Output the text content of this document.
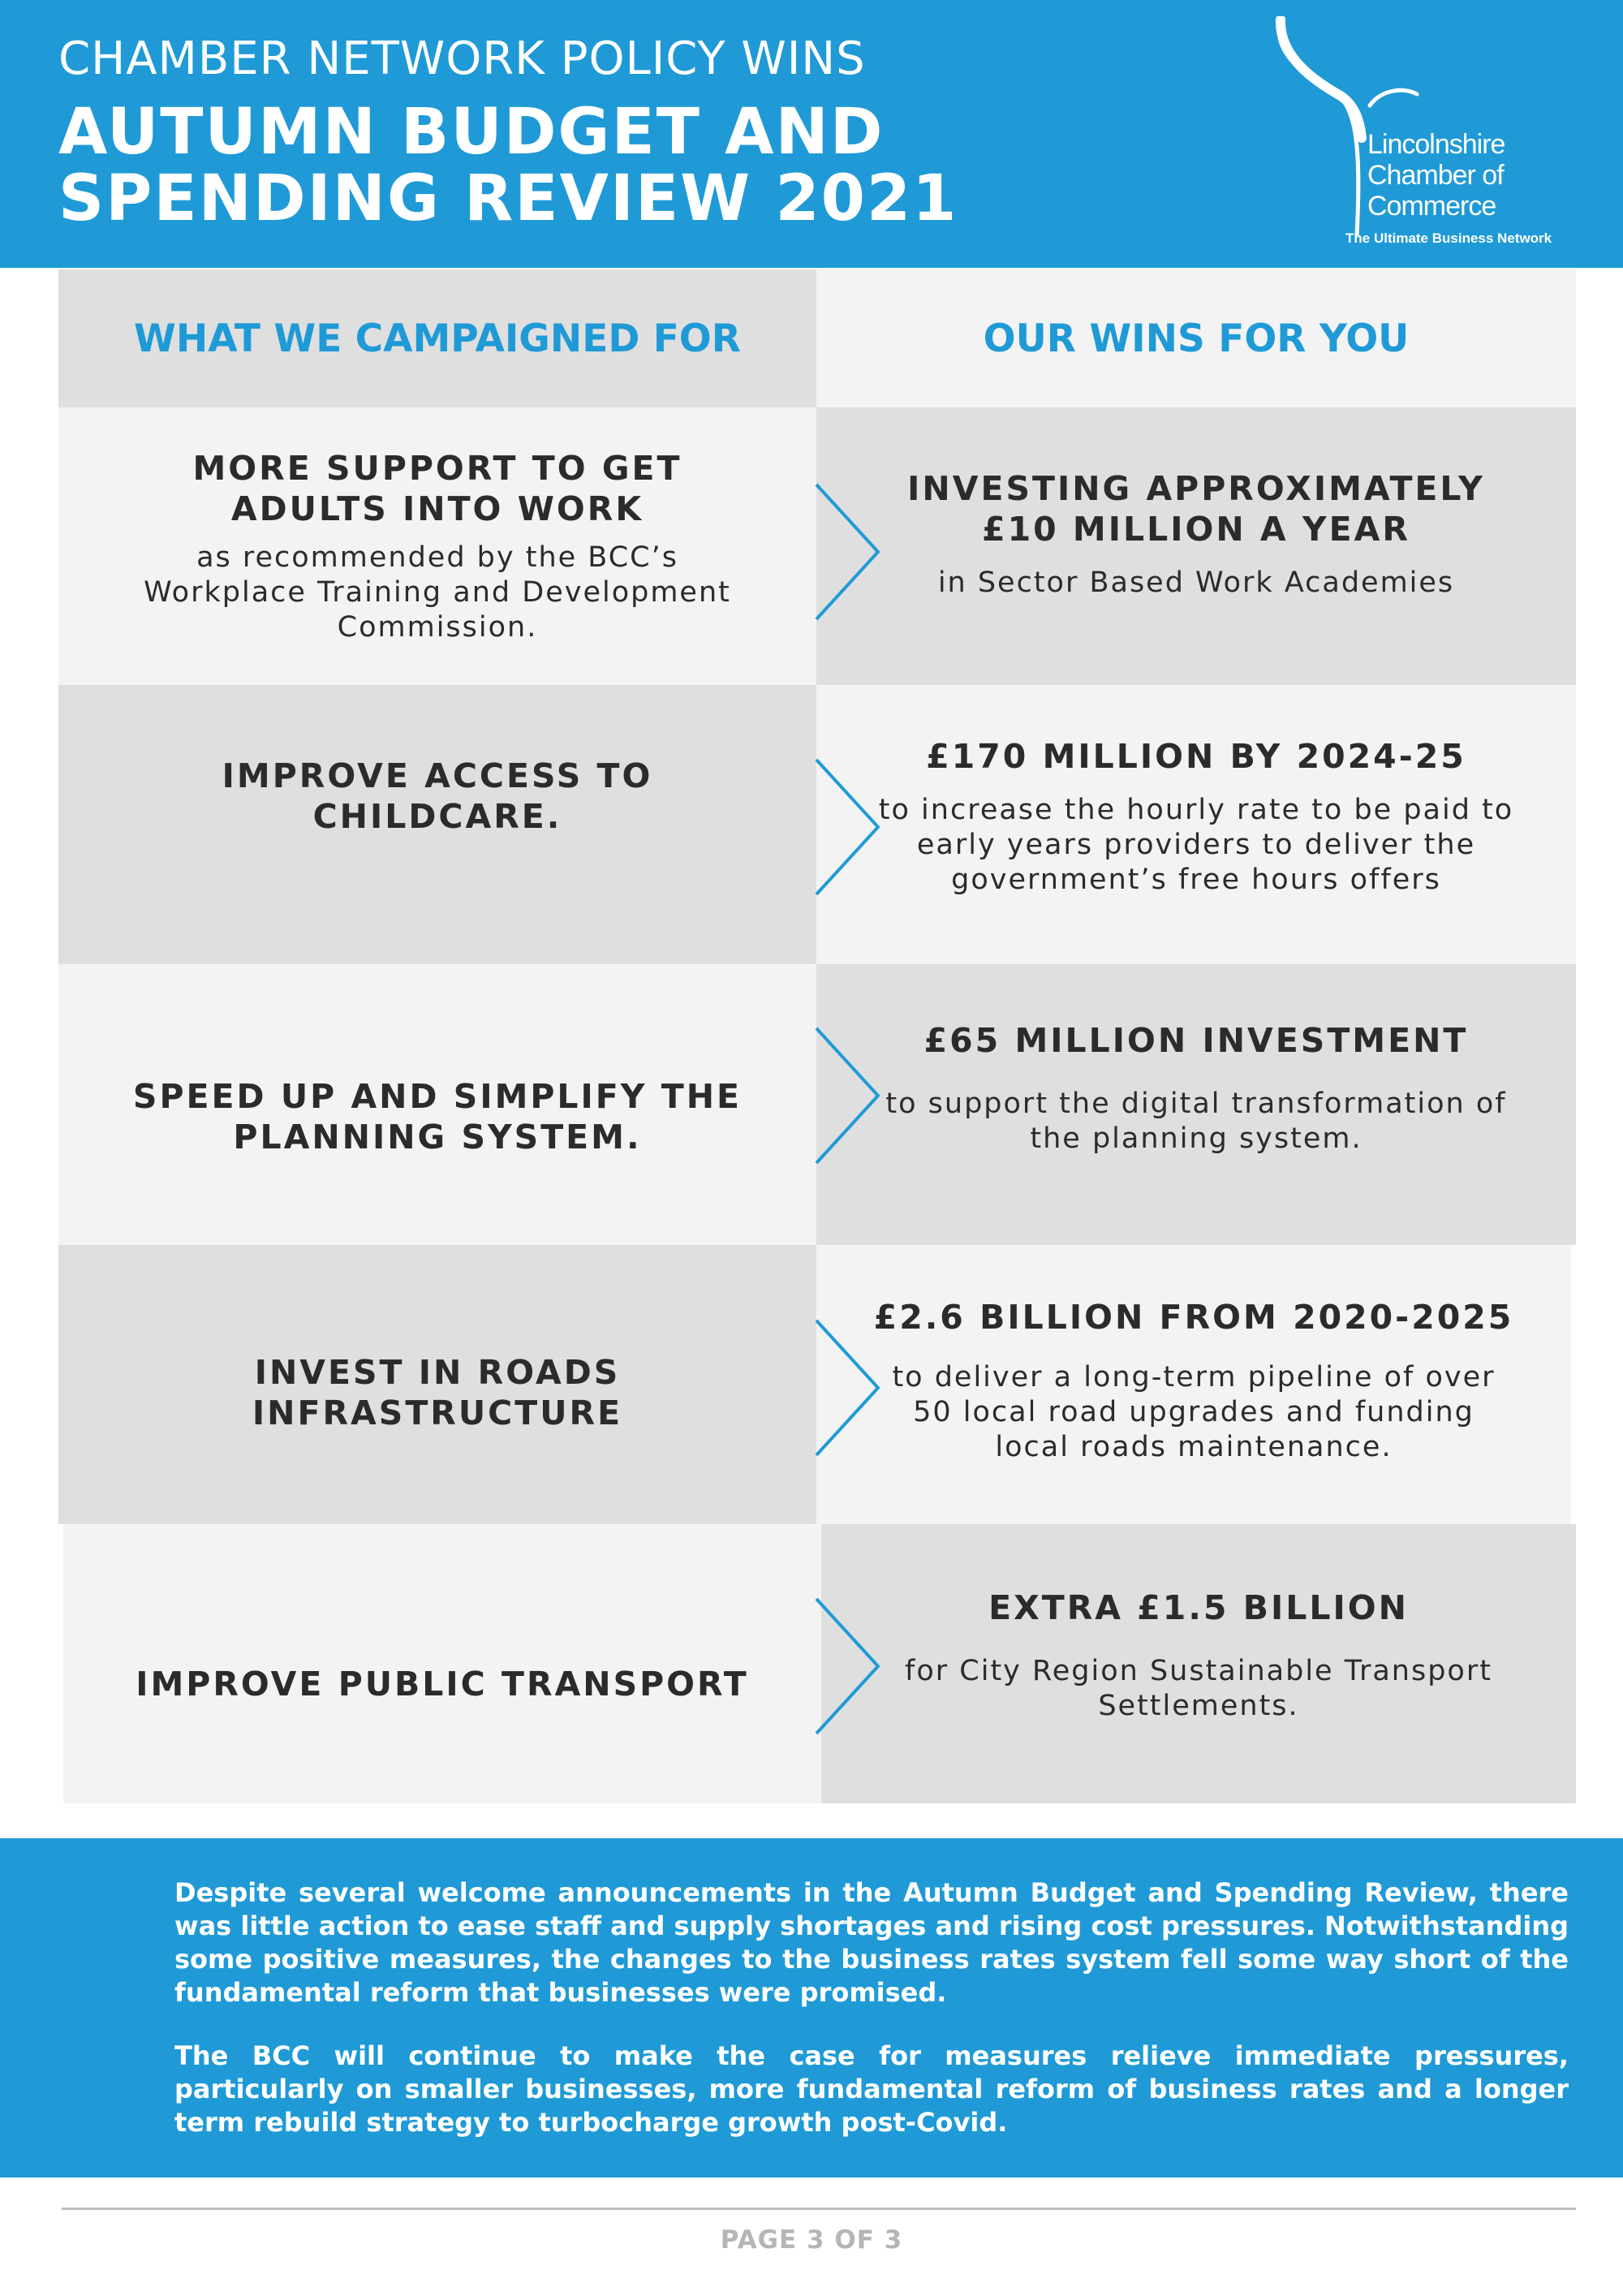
CHAMBER NETWORK POLICY WINS
AUTUMN BUDGET AND
SPENDING REVIEW 2021
Lincolnshire
Chamber of
Commerce
The Ultimate Business Network
WHAT WE CAMPAIGNED FOR	OUR WINS FOR YOU
MORE SUPPORT TO GET
ADULTS INTO WORK
as recommended by the BCC’s
Workplace Training and Development
Commission.
INVESTING APPROXIMATELY
£10 MILLION A YEAR
in Sector Based Work Academies
IMPROVE ACCESS TO
CHILDCARE.
£170 MILLION BY 2024-25
to increase the hourly rate to be paid to
early years providers to deliver the
government’s free hours offers
SPEED UP AND SIMPLIFY THE
PLANNING SYSTEM.
£65 MILLION INVESTMENT
to support the digital transformation of
the planning system.
INVEST IN ROADS
INFRASTRUCTURE
£2.6 BILLION FROM 2020-2025
to deliver a long-term pipeline of over
50 local road upgrades and funding
local roads maintenance.
IMPROVE PUBLIC TRANSPORT
EXTRA £1.5 BILLION
for City Region Sustainable Transport
Settlements.

Despite several welcome announcements in the Autumn Budget and Spending Review, there was little action to ease staff and supply shortages and rising cost pressures. Notwithstanding some positive measures, the changes to the business rates system fell some way short of the fundamental reform that businesses were promised.

The BCC will continue to make the case for measures relieve immediate pressures, particularly on smaller businesses, more fundamental reform of business rates and a longer term rebuild strategy to turbocharge growth post-Covid.

PAGE 3 OF 3
